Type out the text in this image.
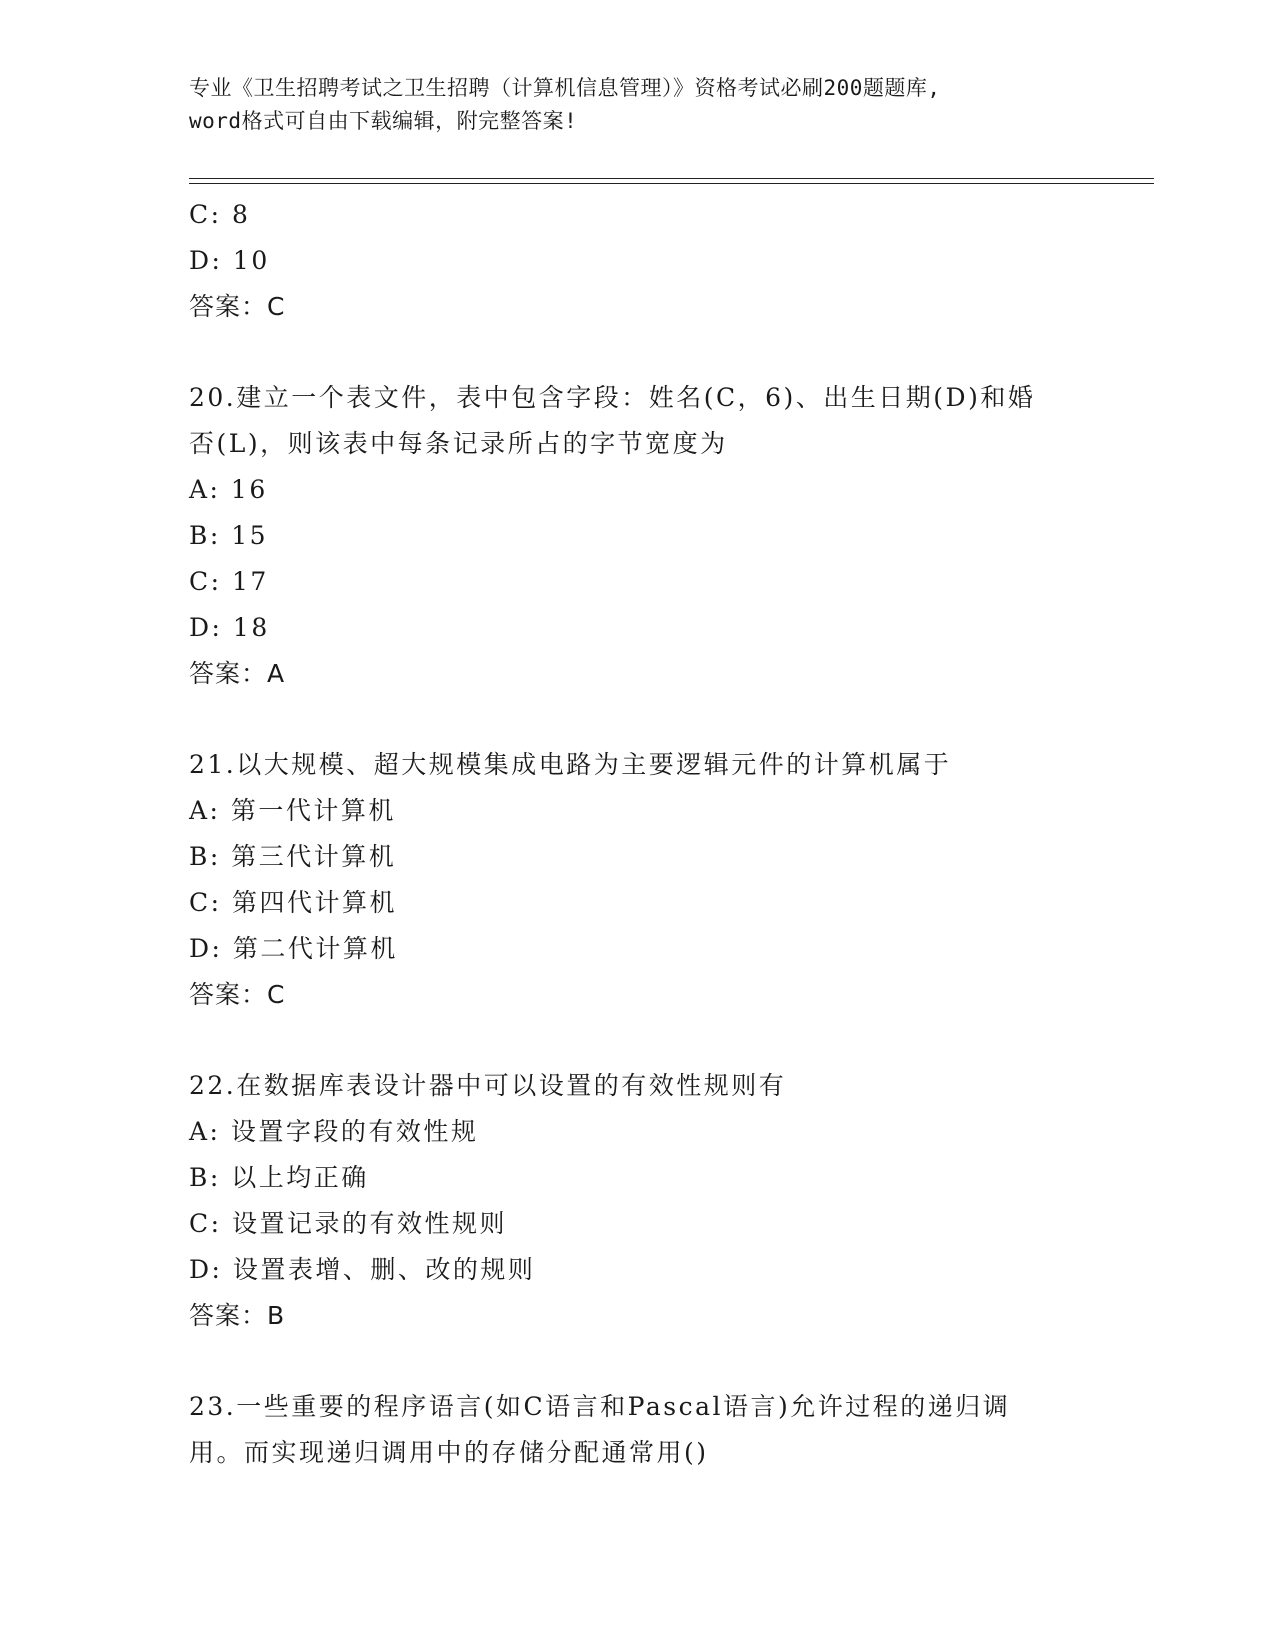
专业《卫生招聘考试之卫生招聘（计算机信息管理）》资格考试必刷200题题库,
word格式可自由下载编辑，附完整答案!
C: 8
D: 10
答案：C
20.建立一个表文件，表中包含字段：姓名(C，6)、出生日期(D)和婚
否(L)，则该表中每条记录所占的字节宽度为
A: 16
B: 15
C: 17
D: 18
答案：A
21.以大规模、超大规模集成电路为主要逻辑元件的计算机属于
A: 第一代计算机
B: 第三代计算机
C: 第四代计算机
D: 第二代计算机
答案：C
22.在数据库表设计器中可以设置的有效性规则有
A: 设置字段的有效性规
B: 以上均正确
C: 设置记录的有效性规则
D: 设置表增、删、改的规则
答案：B
23.一些重要的程序语言(如C语言和Pascal语言)允许过程的递归调
用。而实现递归调用中的存储分配通常用()
